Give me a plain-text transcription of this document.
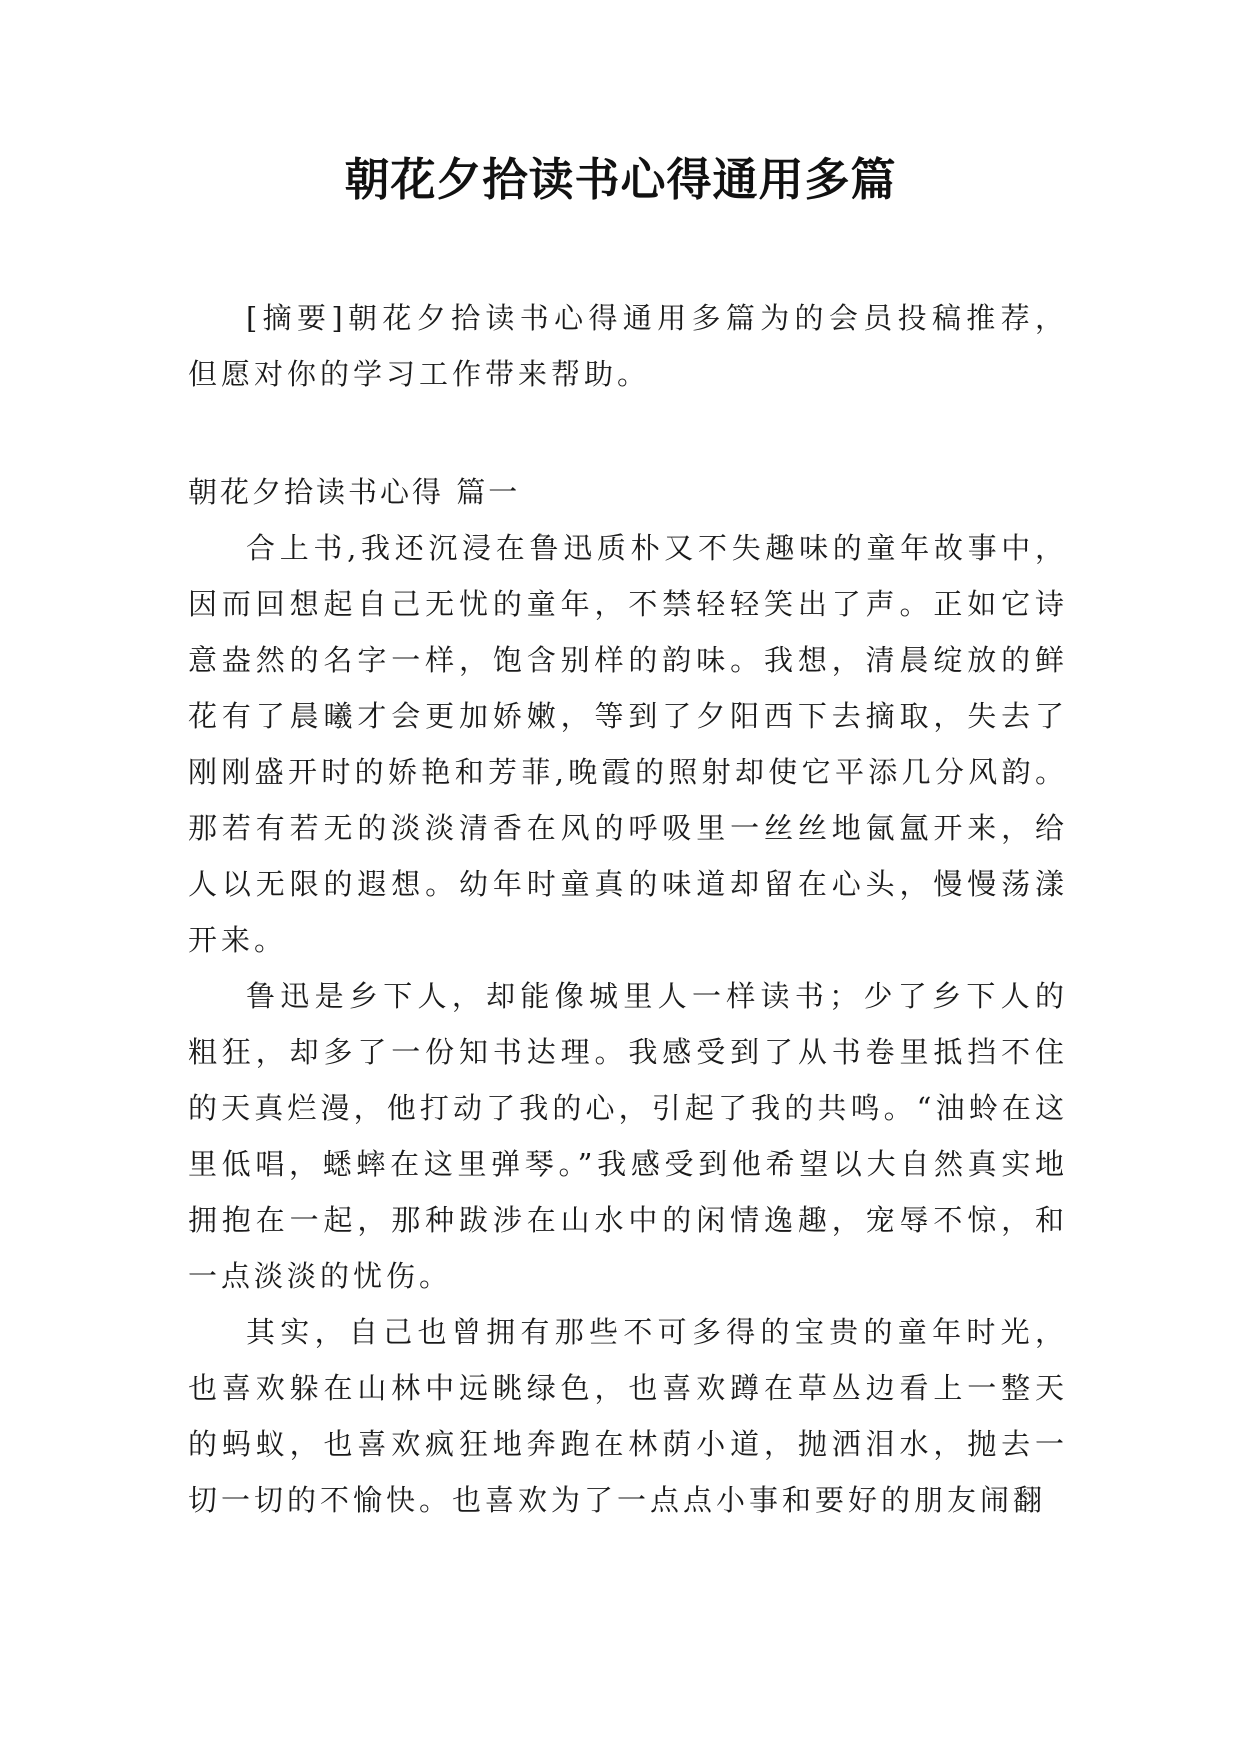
朝花夕拾读书心得通用多篇

[摘要]朝花夕拾读书心得通用多篇为的会员投稿推荐，但愿对你的学习工作带来帮助。

朝花夕拾读书心得 篇一

合上书,我还沉浸在鲁迅质朴又不失趣味的童年故事中，因而回想起自己无忧的童年，不禁轻轻笑出了声。正如它诗意盎然的名字一样，饱含别样的韵味。我想，清晨绽放的鲜花有了晨曦才会更加娇嫩，等到了夕阳西下去摘取，失去了刚刚盛开时的娇艳和芳菲,晚霞的照射却使它平添几分风韵。那若有若无的淡淡清香在风的呼吸里一丝丝地氤氲开来，给人以无限的遐想。幼年时童真的味道却留在心头，慢慢荡漾开来。

鲁迅是乡下人，却能像城里人一样读书；少了乡下人的粗狂，却多了一份知书达理。我感受到了从书卷里抵挡不住的天真烂漫，他打动了我的心，引起了我的共鸣。“油蛉在这里低唱，蟋蟀在这里弹琴。”我感受到他希望以大自然真实地拥抱在一起，那种跋涉在山水中的闲情逸趣，宠辱不惊，和一点淡淡的忧伤。

其实，自己也曾拥有那些不可多得的宝贵的童年时光，也喜欢躲在山林中远眺绿色，也喜欢蹲在草丛边看上一整天的蚂蚁，也喜欢疯狂地奔跑在林荫小道，抛洒泪水，抛去一切一切的不愉快。也喜欢为了一点点小事和要好的朋友闹翻
